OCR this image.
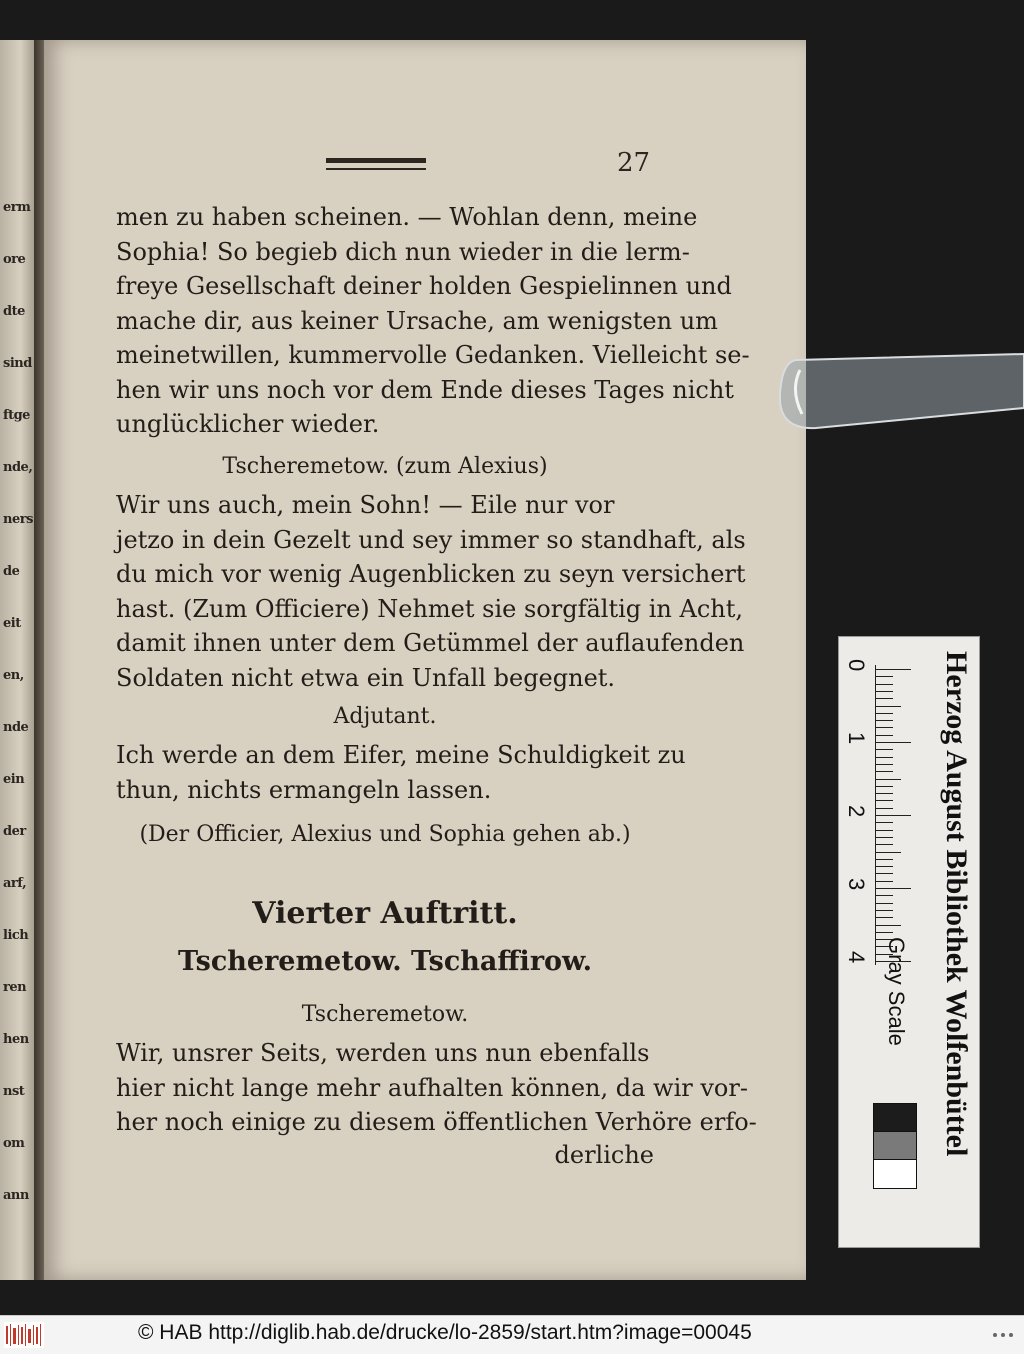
erm
ore
dte
sind
ftge
nde,
ners
de
eit
en,
nde
ein
der
arf,
lich
ren
hen
nst
om
ann
27
men zu haben scheinen. — Wohlan denn, meine
Sophia! So begieb dich nun wieder in die lerm-
freye Gesellschaft deiner holden Gespielinnen und
mache dir, aus keiner Ursache, am wenigsten um
meinetwillen, kummervolle Gedanken. Vielleicht se-
hen wir uns noch vor dem Ende dieses Tages nicht
unglücklicher wieder.
Tscheremetow. (zum Alexius)
Wir uns auch, mein Sohn! — Eile nur vor
jetzo in dein Gezelt und sey immer so standhaft, als
du mich vor wenig Augenblicken zu seyn versichert
hast. (Zum Officiere) Nehmet sie sorgfältig in Acht,
damit ihnen unter dem Getümmel der auflaufenden
Soldaten nicht etwa ein Unfall begegnet.
Adjutant.
Ich werde an dem Eifer, meine Schuldigkeit zu
thun, nichts ermangeln lassen.
(Der Officier, Alexius und Sophia gehen ab.)
Vierter Auftritt.
Tscheremetow. Tschaffirow.
Tscheremetow.
Wir, unsrer Seits, werden uns nun ebenfalls
hier nicht lange mehr aufhalten können, da wir vor-
her noch einige zu diesem öffentlichen Verhöre erfo-
derliche	Herzog August Bibliothek Wolfenbüttel
0
1
2
3
4 Gray Scale
© HAB http://diglib.hab.de/drucke/lo-2859/start.htm?image=00045
